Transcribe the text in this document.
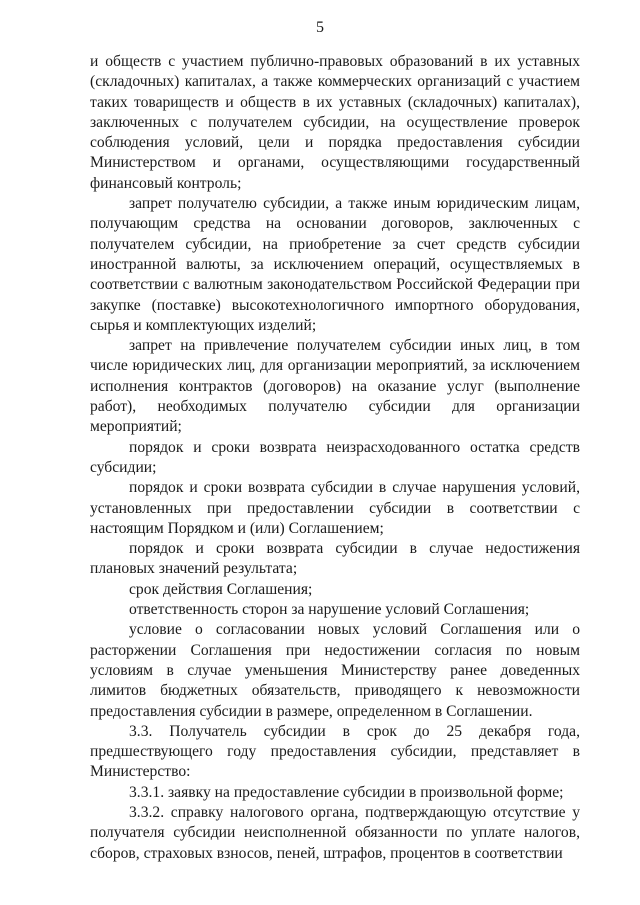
5

и обществ с участием публично-правовых образований в их уставных (складочных) капиталах, а также коммерческих организаций с участием таких товариществ и обществ в их уставных (складочных) капиталах), заключенных с получателем субсидии, на осуществление проверок соблюдения условий, цели и порядка предоставления субсидии Министерством и органами, осуществляющими государственный финансовый контроль;

запрет получателю субсидии, а также иным юридическим лицам, получающим средства на основании договоров, заключенных с получателем субсидии, на приобретение за счет средств субсидии иностранной валюты, за исключением операций, осуществляемых в соответствии с валютным законодательством Российской Федерации при закупке (поставке) высокотехнологичного импортного оборудования, сырья и комплектующих изделий;

запрет на привлечение получателем субсидии иных лиц, в том числе юридических лиц, для организации мероприятий, за исключением исполнения контрактов (договоров) на оказание услуг (выполнение работ), необходимых получателю субсидии для организации мероприятий;

порядок и сроки возврата неизрасходованного остатка средств субсидии;

порядок и сроки возврата субсидии в случае нарушения условий, установленных при предоставлении субсидии в соответствии с настоящим Порядком и (или) Соглашением;

порядок и сроки возврата субсидии в случае недостижения плановых значений результата;

срок действия Соглашения;

ответственность сторон за нарушение условий Соглашения;

условие о согласовании новых условий Соглашения или о расторжении Соглашения при недостижении согласия по новым условиям в случае уменьшения Министерству ранее доведенных лимитов бюджетных обязательств, приводящего к невозможности предоставления субсидии в размере, определенном в Соглашении.

3.3. Получатель субсидии в срок до 25 декабря года, предшествующего году предоставления субсидии, представляет в Министерство:

3.3.1. заявку на предоставление субсидии в произвольной форме;

3.3.2. справку налогового органа, подтверждающую отсутствие у получателя субсидии неисполненной обязанности по уплате налогов, сборов, страховых взносов, пеней, штрафов, процентов в соответствии
